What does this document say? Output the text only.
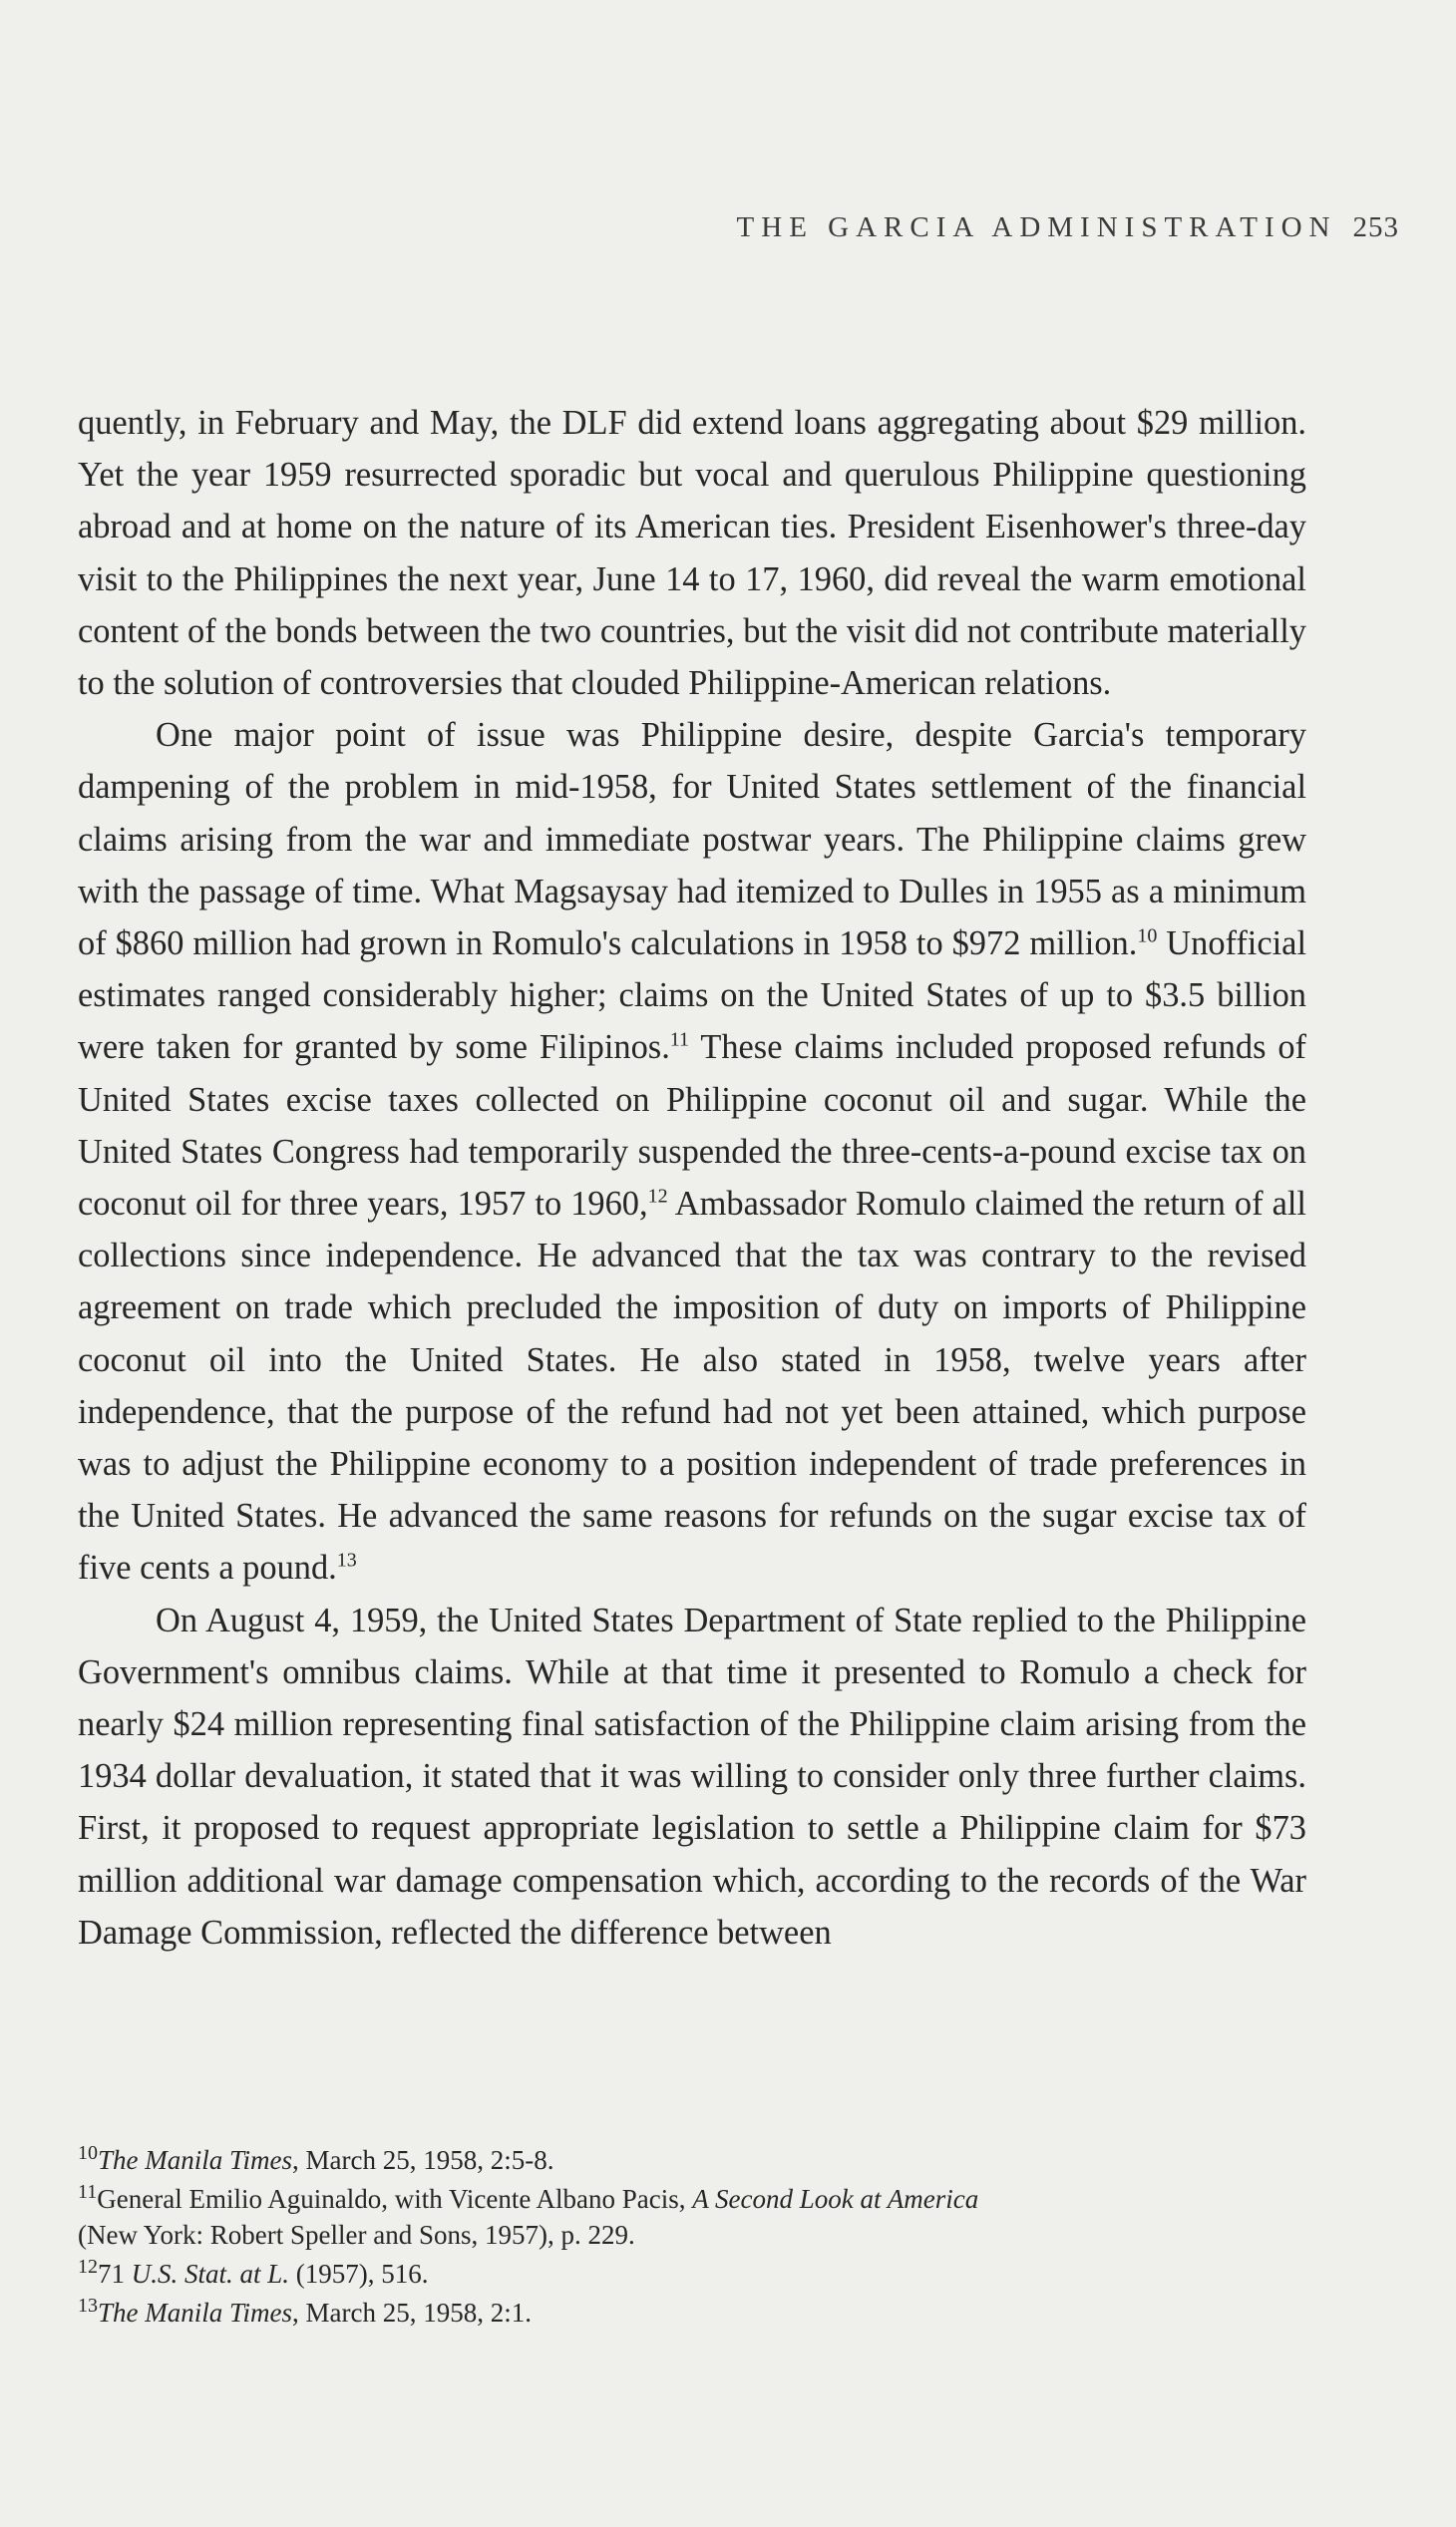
THE GARCIA ADMINISTRATION 253

quently, in February and May, the DLF did extend loans aggregating about $29 million. Yet the year 1959 resurrected sporadic but vocal and querulous Philippine questioning abroad and at home on the nature of its American ties. President Eisenhower's three-day visit to the Philippines the next year, June 14 to 17, 1960, did reveal the warm emotional content of the bonds between the two countries, but the visit did not contribute materially to the solution of controversies that clouded Philippine-American relations.

One major point of issue was Philippine desire, despite Garcia's temporary dampening of the problem in mid-1958, for United States settlement of the financial claims arising from the war and immediate postwar years. The Philippine claims grew with the passage of time. What Magsaysay had itemized to Dulles in 1955 as a minimum of $860 million had grown in Romulo's calculations in 1958 to $972 million.$^{10}$ Unofficial estimates ranged considerably higher; claims on the United States of up to $3.5 billion were taken for granted by some Filipinos.$^{11}$ These claims included proposed refunds of United States excise taxes collected on Philippine coconut oil and sugar. While the United States Congress had temporarily suspended the three-cents-a-pound excise tax on coconut oil for three years, 1957 to 1960,12 Ambassador Romulo claimed the return of all collections since independence. He advanced that the tax was contrary to the revised agreement on trade which precluded the imposition of duty on imports of Philippine coconut oil into the United States. He also stated in 1958, twelve years after independence, that the purpose of the refund had not yet been attained, which purpose was to adjust the Philippine economy to a position independent of trade preferences in the United States. He advanced the same reasons for refunds on the sugar excise tax of five cents a pound.$^{13}$

On August 4, 1959, the United States Department of State replied to the Philippine Government's omnibus claims. While at that time it presented to Romulo a check for nearly $24 million representing final satisfaction of the Philippine claim arising from the 1934 dollar devaluation, it stated that it was willing to consider only three further claims. First, it proposed to request appropriate legislation to settle a Philippine claim for $73 million additional war damage compensation which, according to the records of the War Damage Commission, reflected the difference between

$^{10}$The Manila Times, March 25, 1958, 2:5-8.

$^{11}$General Emilio Aguinaldo, with Vicente Albano Pacis, A Second Look at America

(New York: Robert Speller and Sons, 1957), p. 229.

$^{12}$71 U.S. Stat. at L. (1957), 516.

$^{13}$The Manila Times, March 25, 1958, 2:1.
